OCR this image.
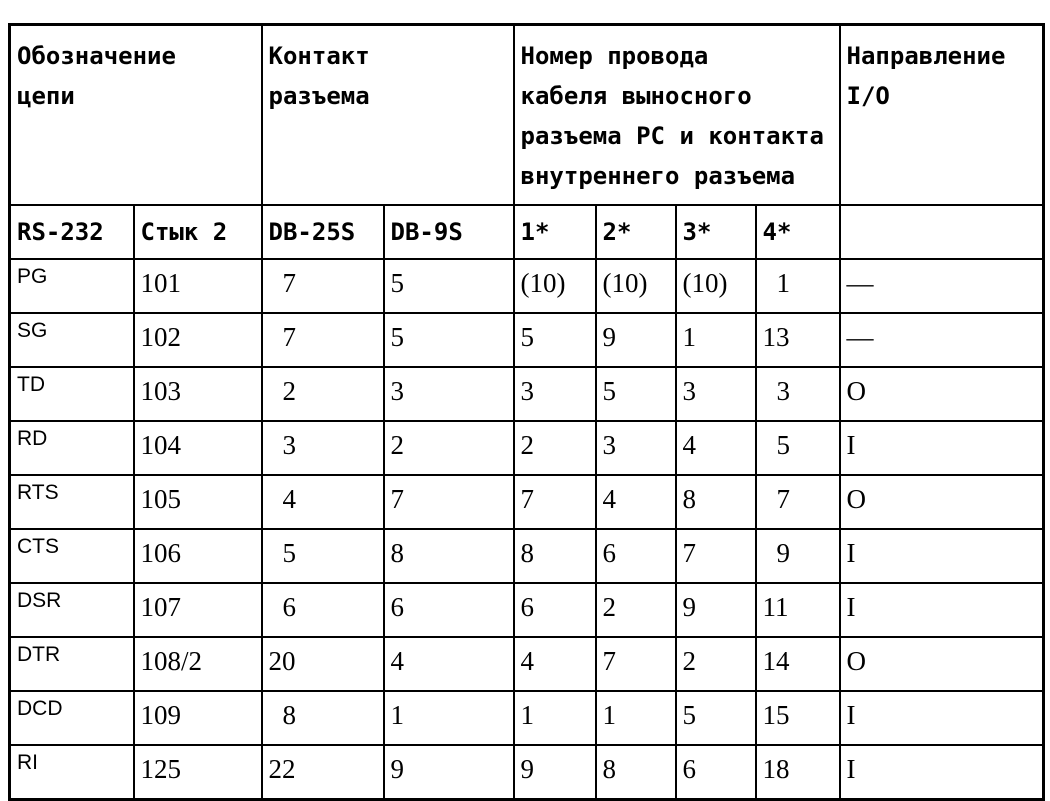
Обозначение
цепи		Контакт
разъема		Номер провода
кабеля выносного
разъема PC и контакта
внутреннего разъема				Направление
I/O

RS-232	Стык 2	DB-25S	DB-9S	1*	2*	3*	4*	
PG	101	7	5	(10)	(10)	(10)	1	—
SG	102	7	5	5	9	1	13	—
TD	103	2	3	3	5	3	3	O
RD	104	3	2	2	3	4	5	I
RTS	105	4	7	7	4	8	7	O
CTS	106	5	8	8	6	7	9	I
DSR	107	6	6	6	2	9	11	I
DTR	108/2	20	4	4	7	2	14	O
DCD	109	8	1	1	1	5	15	I
RI	125	22	9	9	8	6	18	I
